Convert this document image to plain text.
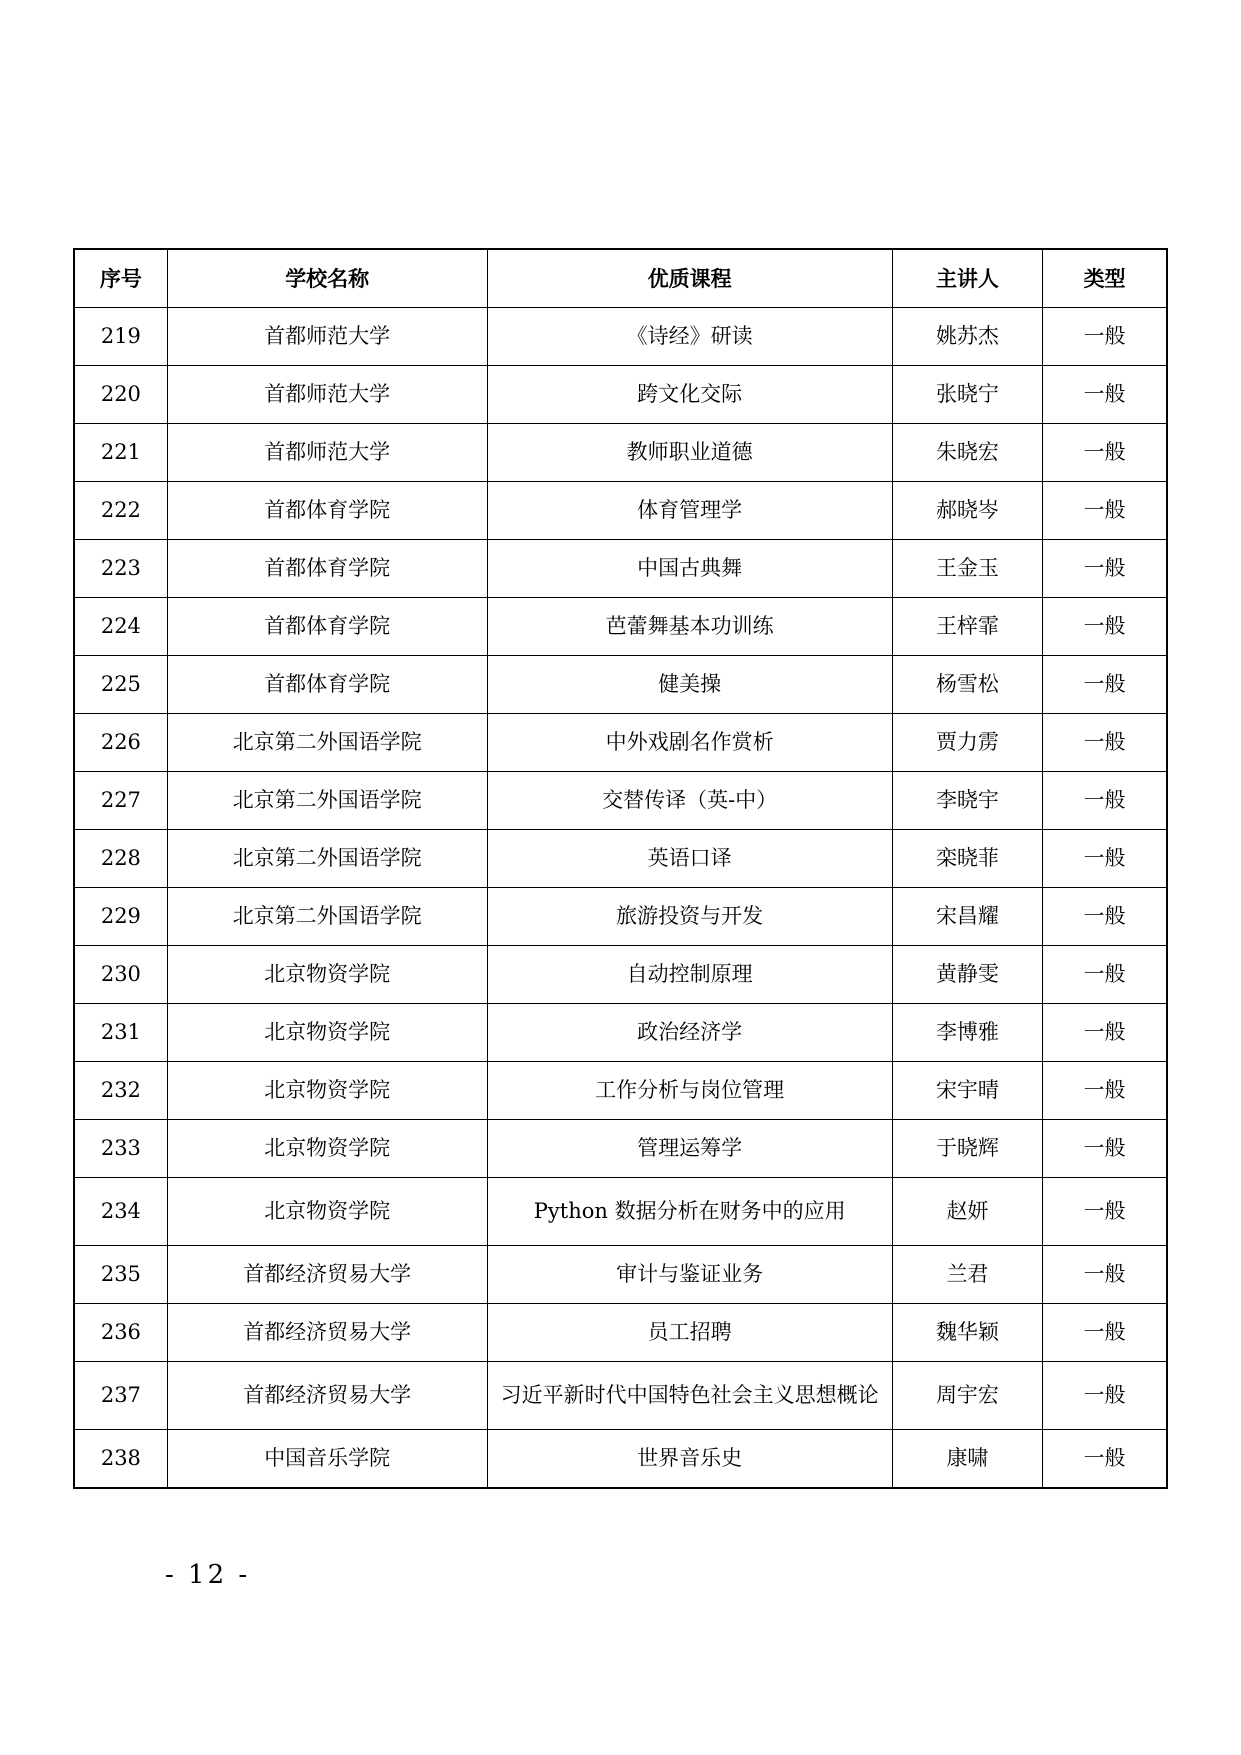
序号	学校名称	优质课程	主讲人	类型
219	首都师范大学	《诗经》研读	姚苏杰	一般
220	首都师范大学	跨文化交际	张晓宁	一般
221	首都师范大学	教师职业道德	朱晓宏	一般
222	首都体育学院	体育管理学	郝晓岑	一般
223	首都体育学院	中国古典舞	王金玉	一般
224	首都体育学院	芭蕾舞基本功训练	王梓霏	一般
225	首都体育学院	健美操	杨雪松	一般
226	北京第二外国语学院	中外戏剧名作赏析	贾力雳	一般
227	北京第二外国语学院	交替传译（英-中）	李晓宇	一般
228	北京第二外国语学院	英语口译	栾晓菲	一般
229	北京第二外国语学院	旅游投资与开发	宋昌耀	一般
230	北京物资学院	自动控制原理	黄静雯	一般
231	北京物资学院	政治经济学	李博雅	一般
232	北京物资学院	工作分析与岗位管理	宋宇晴	一般
233	北京物资学院	管理运筹学	于晓辉	一般
234	北京物资学院	Python 数据分析在财务中的应用	赵妍	一般
235	首都经济贸易大学	审计与鉴证业务	兰君	一般
236	首都经济贸易大学	员工招聘	魏华颖	一般
237	首都经济贸易大学	习近平新时代中国特色社会主义思想概论	周宇宏	一般
238	中国音乐学院	世界音乐史	康啸	一般
- 12 -
